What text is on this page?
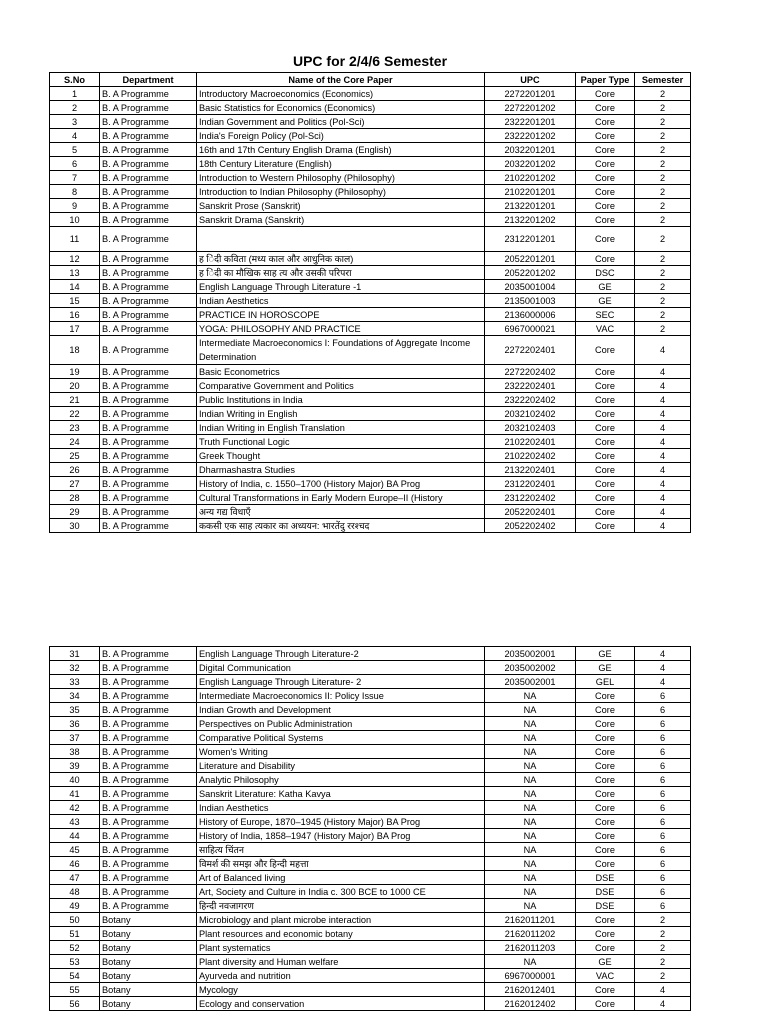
UPC for 2/4/6 Semester
S.No	Department	Name of the Core Paper	UPC	Paper Type	Semester
1	B. A Programme	Introductory Macroeconomics (Economics)	2272201201	Core	2
2	B. A Programme	Basic Statistics for Economics (Economics)	2272201202	Core	2
3	B. A Programme	Indian Government and Politics (Pol-Sci)	2322201201	Core	2
4	B. A Programme	India's Foreign Policy (Pol-Sci)	2322201202	Core	2
5	B. A Programme	16th and 17th Century English Drama (English)	2032201201	Core	2
6	B. A Programme	18th Century Literature (English)	2032201202	Core	2
7	B. A Programme	Introduction to Western Philosophy (Philosophy)	2102201202	Core	2
8	B. A Programme	Introduction to Indian Philosophy (Philosophy)	2102201201	Core	2
9	B. A Programme	Sanskrit Prose (Sanskrit)	2132201201	Core	2
10	B. A Programme	Sanskrit Drama (Sanskrit)	2132201202	Core	2
11	B. A Programme		2312201201	Core	2
12	B. A Programme	ह िंदी कविता (मध्य काल और आधुनिक काल)	2052201201	Core	2
13	B. A Programme	ह िंदी का मौखिक साह त्य और उसकी परिपरा	2052201202	DSC	2
14	B. A Programme	English Language Through Literature -1	2035001004	GE	2
15	B. A Programme	Indian Aesthetics	2135001003	GE	2
16	B. A Programme	PRACTICE IN HOROSCOPE	2136000006	SEC	2
17	B. A Programme	YOGA: PHILOSOPHY AND PRACTICE	6967000021	VAC	2
18	B. A Programme	Intermediate Macroeconomics I: Foundations of Aggregate Income Determination	2272202401	Core	4
19	B. A Programme	Basic Econometrics	2272202402	Core	4
20	B. A Programme	Comparative Government and Politics	2322202401	Core	4
21	B. A Programme	Public Institutions in India	2322202402	Core	4
22	B. A Programme	Indian Writing in English	2032102402	Core	4
23	B. A Programme	Indian Writing in English Translation	2032102403	Core	4
24	B. A Programme	Truth Functional Logic	2102202401	Core	4
25	B. A Programme	Greek Thought	2102202402	Core	4
26	B. A Programme	Dharmashastra Studies	2132202401	Core	4
27	B. A Programme	History of India, c. 1550–1700 (History Major) BA Prog	2312202401	Core	4
28	B. A Programme	Cultural Transformations in Early Modern Europe–II (History	2312202402	Core	4
29	B. A Programme	अन्य गद्य विधाएँ	2052202401	Core	4
30	B. A Programme	ककसी एक साह त्यकार का अध्ययन: भारतेंदु ररश्चद	2052202402	Core	4
31	B. A Programme	English Language Through Literature-2	2035002001	GE	4
32	B. A Programme	Digital Communication	2035002002	GE	4
33	B. A Programme	English Language Through Literature- 2	2035002001	GEL	4
34	B. A Programme	Intermediate Macroeconomics II: Policy Issue	NA	Core	6
35	B. A Programme	Indian Growth and Development	NA	Core	6
36	B. A Programme	Perspectives on Public Administration	NA	Core	6
37	B. A Programme	Comparative Political Systems	NA	Core	6
38	B. A Programme	Women's Writing	NA	Core	6
39	B. A Programme	Literature and Disability	NA	Core	6
40	B. A Programme	Analytic Philosophy	NA	Core	6
41	B. A Programme	Sanskrit Literature: Katha Kavya	NA	Core	6
42	B. A Programme	Indian Aesthetics	NA	Core	6
43	B. A Programme	History of Europe, 1870–1945 (History Major) BA Prog	NA	Core	6
44	B. A Programme	History of India, 1858–1947 (History Major) BA Prog	NA	Core	6
45	B. A Programme	साहित्य चिंतन	NA	Core	6
46	B. A Programme	विमर्श की समझ और हिन्दी महत्ता	NA	Core	6
47	B. A Programme	Art of Balanced living	NA	DSE	6
48	B. A Programme	Art, Society and Culture in India c. 300 BCE to 1000 CE	NA	DSE	6
49	B. A Programme	हिन्दी नवजागरण	NA	DSE	6
50	Botany	Microbiology and plant microbe interaction	2162011201	Core	2
51	Botany	Plant resources and economic botany	2162011202	Core	2
52	Botany	Plant systematics	2162011203	Core	2
53	Botany	Plant diversity and Human welfare	NA	GE	2
54	Botany	Ayurveda and nutrition	6967000001	VAC	2
55	Botany	Mycology	2162012401	Core	4
56	Botany	Ecology and conservation	2162012402	Core	4
